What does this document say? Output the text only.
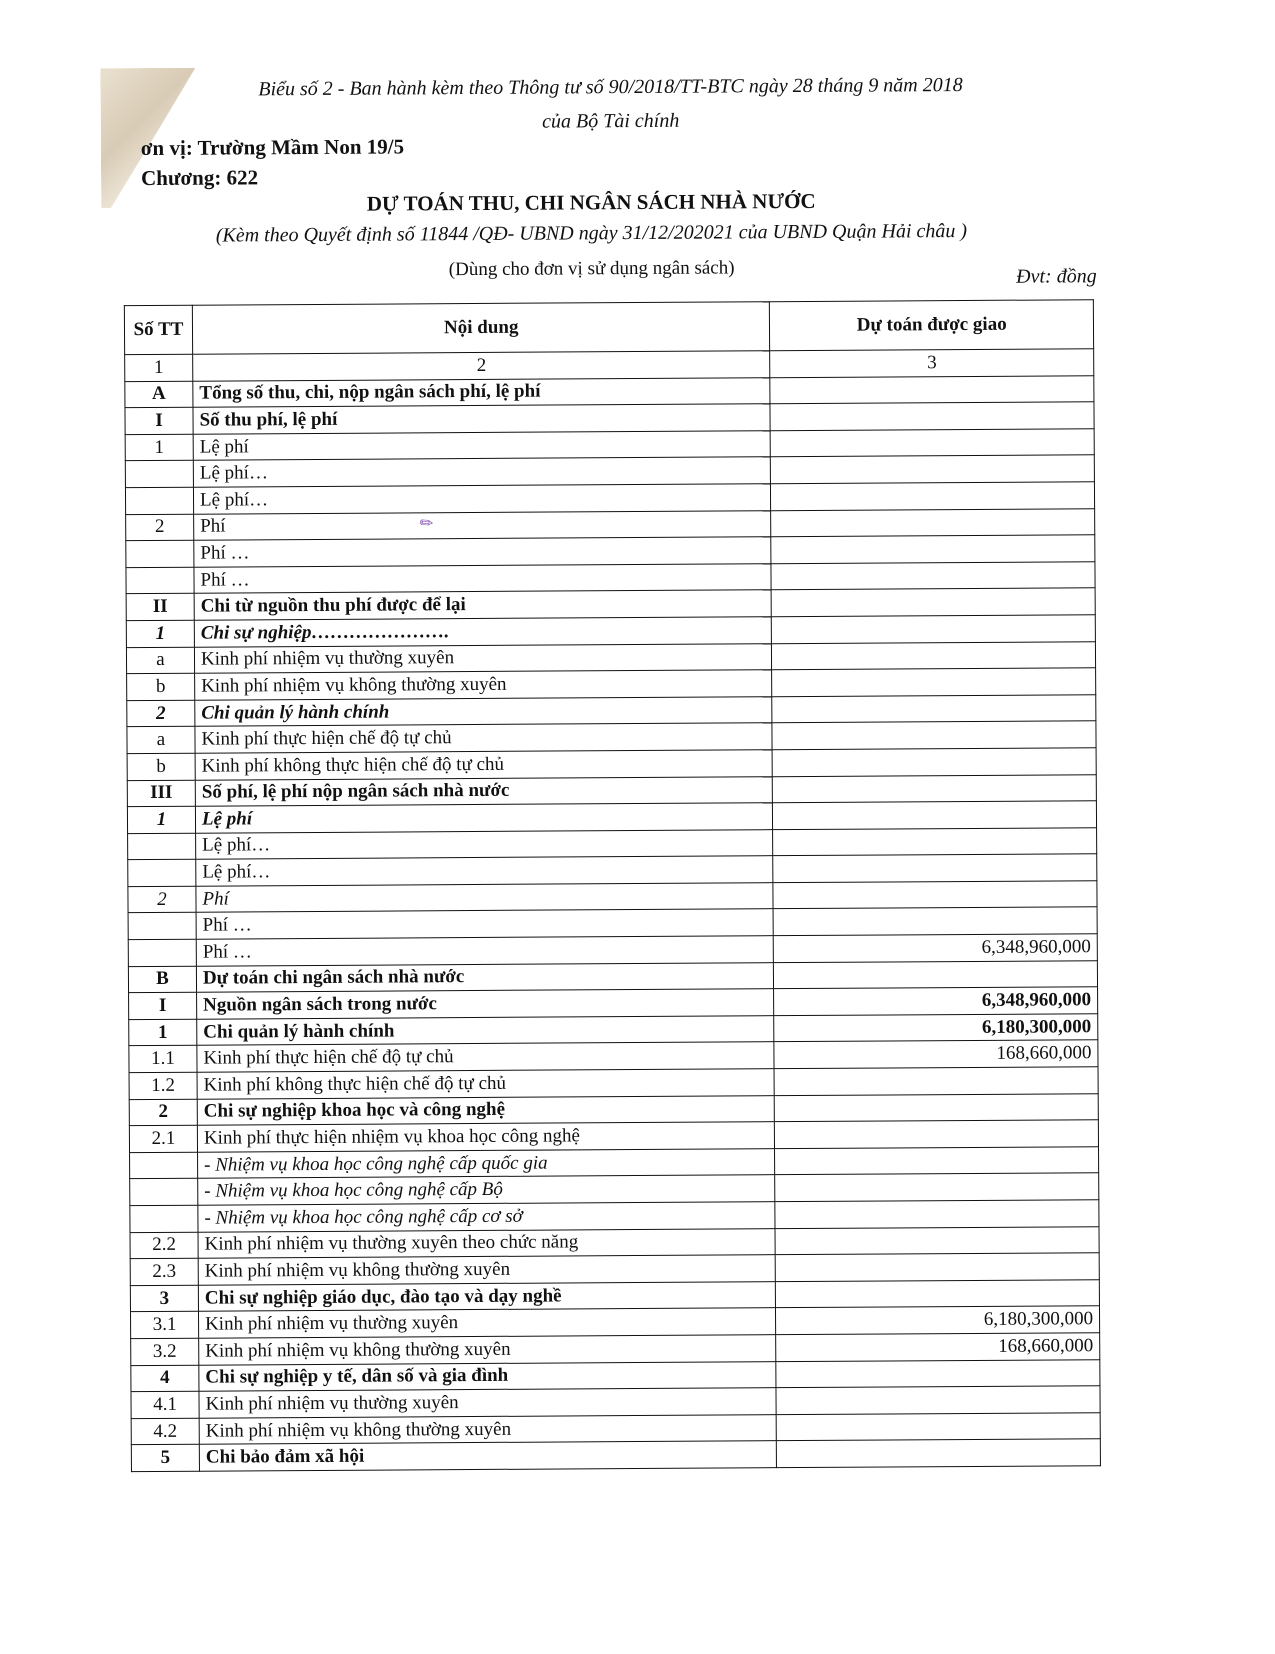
Biểu số 2 - Ban hành kèm theo Thông tư số 90/2018/TT-BTC ngày 28 tháng 9 năm 2018
của Bộ Tài chính
ơn vị: Trường Mầm Non 19/5
Chương: 622
DỰ TOÁN THU, CHI NGÂN SÁCH NHÀ NƯỚC
(Kèm theo Quyết định số 11844 /QĐ- UBND ngày 31/12/202021 của UBND Quận Hải châu )
(Dùng cho đơn vị sử dụng ngân sách)	Đvt: đồng
✎
Số TT	Nội dung	Dự toán được giao
1	2	3
A	Tổng số thu, chi, nộp ngân sách phí, lệ phí	
I	Số thu phí, lệ phí	
1	Lệ phí	
	Lệ phí…	
	Lệ phí…	
2	Phí	
	Phí …	
	Phí …	
II	Chi từ nguồn thu phí được để lại	
1	Chi sự nghiệp………………….	
a	Kinh phí nhiệm vụ thường xuyên	
b	Kinh phí nhiệm vụ không thường xuyên	
2	Chi quản lý hành chính	
a	Kinh phí thực hiện chế độ tự chủ	
b	Kinh phí không thực hiện chế độ tự chủ	
III	Số phí, lệ phí nộp ngân sách nhà nước	
1	Lệ phí	
	Lệ phí…	
	Lệ phí…	
2	Phí	
	Phí …	
	Phí …	6,348,960,000
B	Dự toán chi ngân sách nhà nước	
I	Nguồn ngân sách trong nước	6,348,960,000
1	Chi quản lý hành chính	6,180,300,000
1.1	Kinh phí thực hiện chế độ tự chủ	168,660,000
1.2	Kinh phí không thực hiện chế độ tự chủ	
2	Chi sự nghiệp khoa học và công nghệ	
2.1	Kinh phí thực hiện nhiệm vụ khoa học công nghệ	
	- Nhiệm vụ khoa học công nghệ cấp quốc gia	
	- Nhiệm vụ khoa học công nghệ cấp Bộ	
	- Nhiệm vụ khoa học công nghệ cấp cơ sở	
2.2	Kinh phí nhiệm vụ thường xuyên theo chức năng	
2.3	Kinh phí nhiệm vụ không thường xuyên	
3	Chi sự nghiệp giáo dục, đào tạo và dạy nghề	
3.1	Kinh phí nhiệm vụ thường xuyên	6,180,300,000
3.2	Kinh phí nhiệm vụ không thường xuyên	168,660,000
4	Chi sự nghiệp y tế, dân số và gia đình	
4.1	Kinh phí nhiệm vụ thường xuyên	
4.2	Kinh phí nhiệm vụ không thường xuyên	
5	Chi bảo đảm xã hội	
